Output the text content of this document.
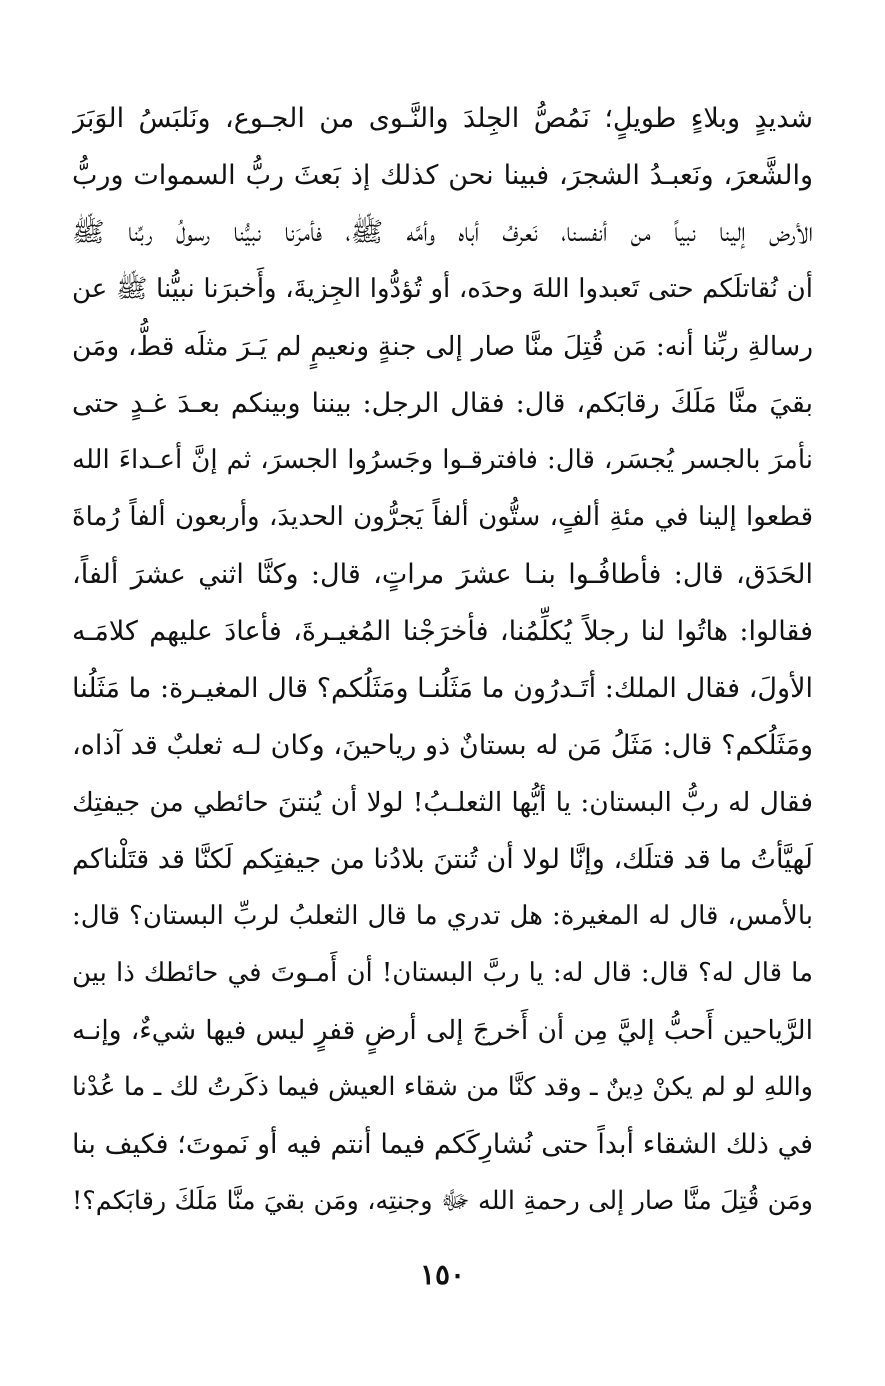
شديدٍ وبلاءٍ طويلٍ؛ نَمُصُّ الجِلدَ والنَّـوى من الجـوع، ونَلبَسُ الوَبَرَ
والشَّعرَ، ونَعبـدُ الشجرَ، فبينا نحن كذلك إذ بَعثَ ربُّ السموات وربُّ
الأرض إلينا نبياً من أنفسنا، نَعرفُ أباه وأمَّه ﷺ، فأمرَنا نبيُّنا رسولُ ربِّنا ﷺ
أن نُقاتلَكم حتى تَعبدوا اللهَ وحدَه، أو تُؤدُّوا الجِزيةَ، وأَخبرَنا نبيُّنا ﷺ عن
رسالةِ ربِّنا أنه: مَن قُتِلَ منَّا صار إلى جنةٍ ونعيمٍ لم يَـرَ مثلَه قطُّ، ومَن
بقيَ منَّا مَلَكَ رقابَكم، قال: فقال الرجل: بيننا وبينكم بعـدَ غـدٍ حتى
نأمرَ بالجسر يُجسَر، قال: فافترقـوا وجَسرُوا الجسرَ، ثم إنَّ أعـداءَ الله
قطعوا إلينا في مئةِ ألفٍ، ستُّون ألفاً يَجرُّون الحديدَ، وأربعون ألفاً رُماةَ
الحَدَق، قال: فأطافُـوا بنـا عشرَ مراتٍ، قال: وكنَّا اثني عشرَ ألفاً،
فقالوا: هاتُوا لنا رجلاً يُكلِّمُنا، فأخرَجْنا المُغيـرةَ، فأعادَ عليهم كلامَـه
الأولَ، فقال الملك: أتَـدرُون ما مَثَلُنـا ومَثَلُكم؟ قال المغيـرة: ما مَثَلُنا
ومَثَلُكم؟ قال: مَثَلُ مَن له بستانٌ ذو رياحينَ، وكان لـه ثعلبٌ قد آذاه،
فقال له ربُّ البستان: يا أيُّها الثعلـبُ! لولا أن يُنتنَ حائطي من جيفتِك
لَهيَّأتُ ما قد قتلَك، وإنَّا لولا أن تُنتنَ بلادُنا من جيفتِكم لَكنَّا قد قتَلْناكم
بالأمس، قال له المغيرة: هل تدري ما قال الثعلبُ لربِّ البستان؟ قال:
ما قال له؟ قال: قال له: يا ربَّ البستان! أن أَمـوتَ في حائطك ذا بين
الرَّياحين أَحبُّ إليَّ مِن أن أَخرجَ إلى أرضٍ قفرٍ ليس فيها شيءٌ، وإنـه
واللهِ لو لم يكنْ دِينٌ ـ وقد كنَّا من شقاء العيش فيما ذكَرتُ لك ـ ما عُدْنا
في ذلك الشقاء أبداً حتى نُشارِكَكم فيما أنتم فيه أو نَموتَ؛ فكيف بنا
ومَن قُتِلَ منَّا صار إلى رحمةِ الله ﷻ وجنتِه، ومَن بقيَ منَّا مَلَكَ رقابَكم؟!
١٥٠
